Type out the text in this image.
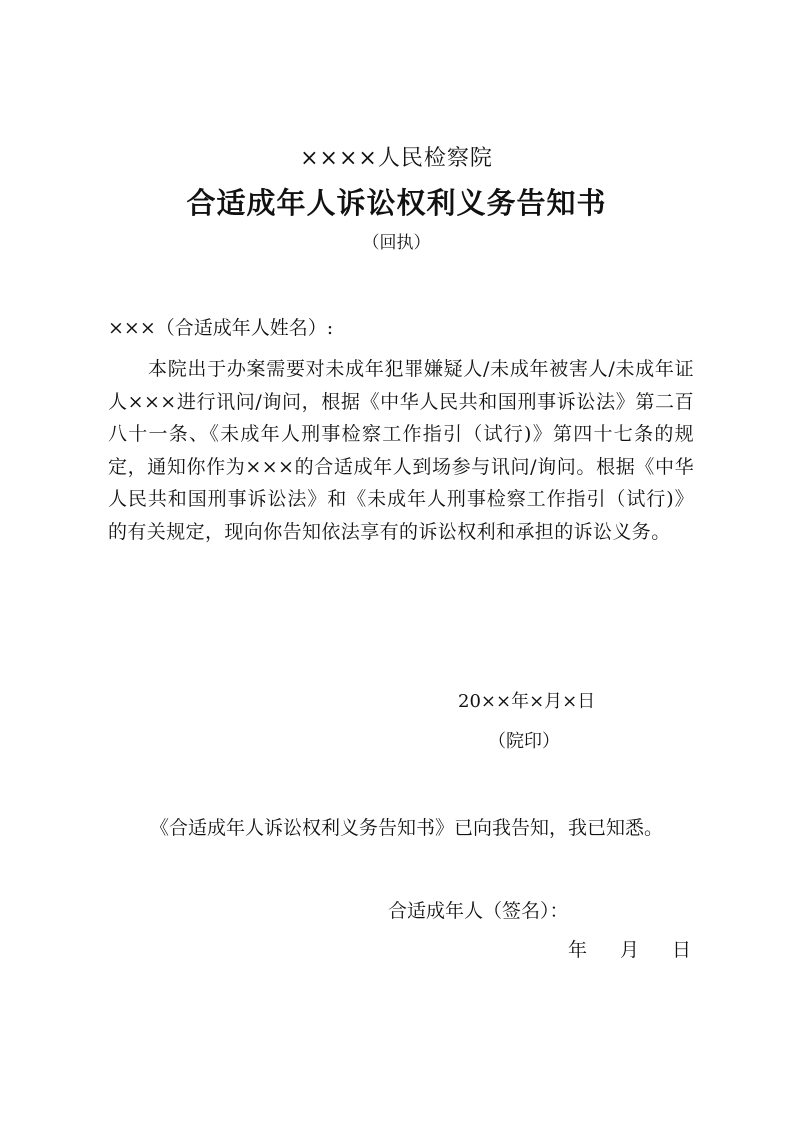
××××人民检察院
合适成年人诉讼权利义务告知书
（回执）
×××（合适成年人姓名）:
本院出于办案需要对未成年犯罪嫌疑人/未成年被害人/未成年证人×××进行讯问/询问，根据《中华人民共和国刑事诉讼法》第二百八十一条、《未成年人刑事检察工作指引（试行)》第四十七条的规定，通知你作为×××的合适成年人到场参与讯问/询问。根据《中华人民共和国刑事诉讼法》和《未成年人刑事检察工作指引（试行)》的有关规定，现向你告知依法享有的诉讼权利和承担的诉讼义务。
20××年×月×日
（院印）
《合适成年人诉讼权利义务告知书》已向我告知，我已知悉。
合适成年人（签名）：
年 月 日
